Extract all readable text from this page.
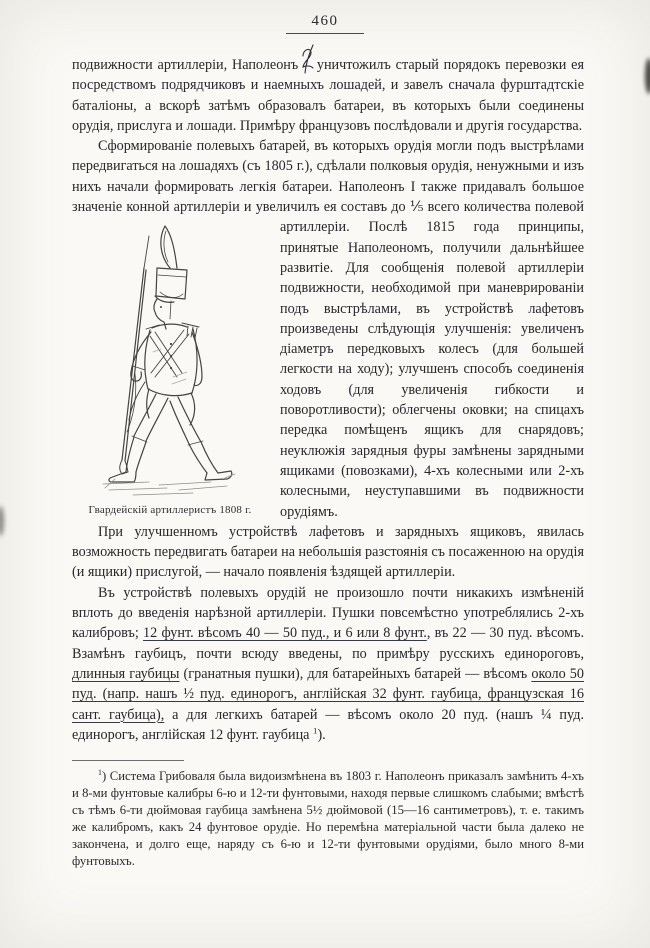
460

подвижности артиллеріи, Наполеонъ уничтожилъ старый порядокъ перевозки ея посредствомъ подрядчиковъ и наемныхъ лошадей, и завелъ сначала фурштадтскіе баталіоны, а вскорѣ затѣмъ образовалъ батареи, въ которыхъ были соединены орудія, прислуга и лошади. Примѣру французовъ послѣдовали и другія государства.

Сформированіе полевыхъ батарей, въ которыхъ орудія могли подъ выстрѣлами передвигаться на лошадяхъ (съ 1805 г.), сдѣлали полковыя орудія, ненужными и изъ нихъ начали формировать легкія батареи. Наполеонъ I также придавалъ большое значеніе конной артиллеріи и увеличилъ ея составъ до ⅕ всего количества полевой артиллеріи. Послѣ
Гвардейскій артиллеристъ 1808 г.
1815 года принципы, принятые Наполеономъ, получили дальнѣйшее развитіе. Для сообщенія полевой артиллеріи подвижности, необходимой при маневрированіи подъ выстрѣлами, въ устройствѣ лафетовъ произведены слѣдующія улучшенія: увеличенъ діаметръ передковыхъ колесъ (для большей легкости на ходу); улучшенъ способъ соединенія ходовъ (для увеличенія гибкости и поворотливости); облегчены оковки; на спицахъ передка помѣщенъ ящикъ для снарядовъ; неуклюжія зарядныя фуры замѣнены зарядными ящиками (повозками), 4-хъ колесными или 2-хъ колесными, неуступавшими въ подвижности орудіямъ.

При улучшенномъ устройствѣ лафетовъ и зарядныхъ ящиковъ, явилась возможность передвигать батареи на небольшія разстоянія съ посаженною на орудія (и ящики) прислугой, — начало появленія ѣздящей артиллеріи.

Въ устройствѣ полевыхъ орудій не произошло почти никакихъ измѣненій вплоть до введенія нарѣзной артиллеріи. Пушки повсемѣстно употреблялись 2-хъ калибровъ; 12 фунт. вѣсомъ 40 — 50 пуд., и 6 или 8 фунт., въ 22 — 30 пуд. вѣсомъ. Взамѣнъ гаубицъ, почти всюду введены, по примѣру русскихъ единороговъ, длинныя гаубицы (гранатныя пушки), для батарейныхъ батарей — вѣсомъ около 50 пуд. (напр. нашъ ½ пуд. единорогъ, англійская 32 фунт. гаубица, французская 16 сант. гаубица), а для легкихъ батарей — вѣсомъ около 20 пуд. (нашъ ¼ пуд. единорогъ, англійская 12 фунт. гаубица $^1$).

$^1$) Система Грибоваля была видоизмѣнена въ 1803 г. Наполеонъ приказалъ замѣнить 4-хъ и 8-ми фунтовые калибры 6-ю и 12-ти фунтовыми, находя первые слишкомъ слабыми; вмѣстѣ съ тѣмъ 6-ти дюймовая гаубица замѣнена 5½ дюймовой (15—16 сантиметровъ), т. е. такимъ же калибромъ, какъ 24 фунтовое орудіе. Но перемѣна матеріальной части была далеко не закончена, и долго еще, наряду съ 6-ю и 12-ти фунтовыми орудіями, было много 8-ми фунтовыхъ.
